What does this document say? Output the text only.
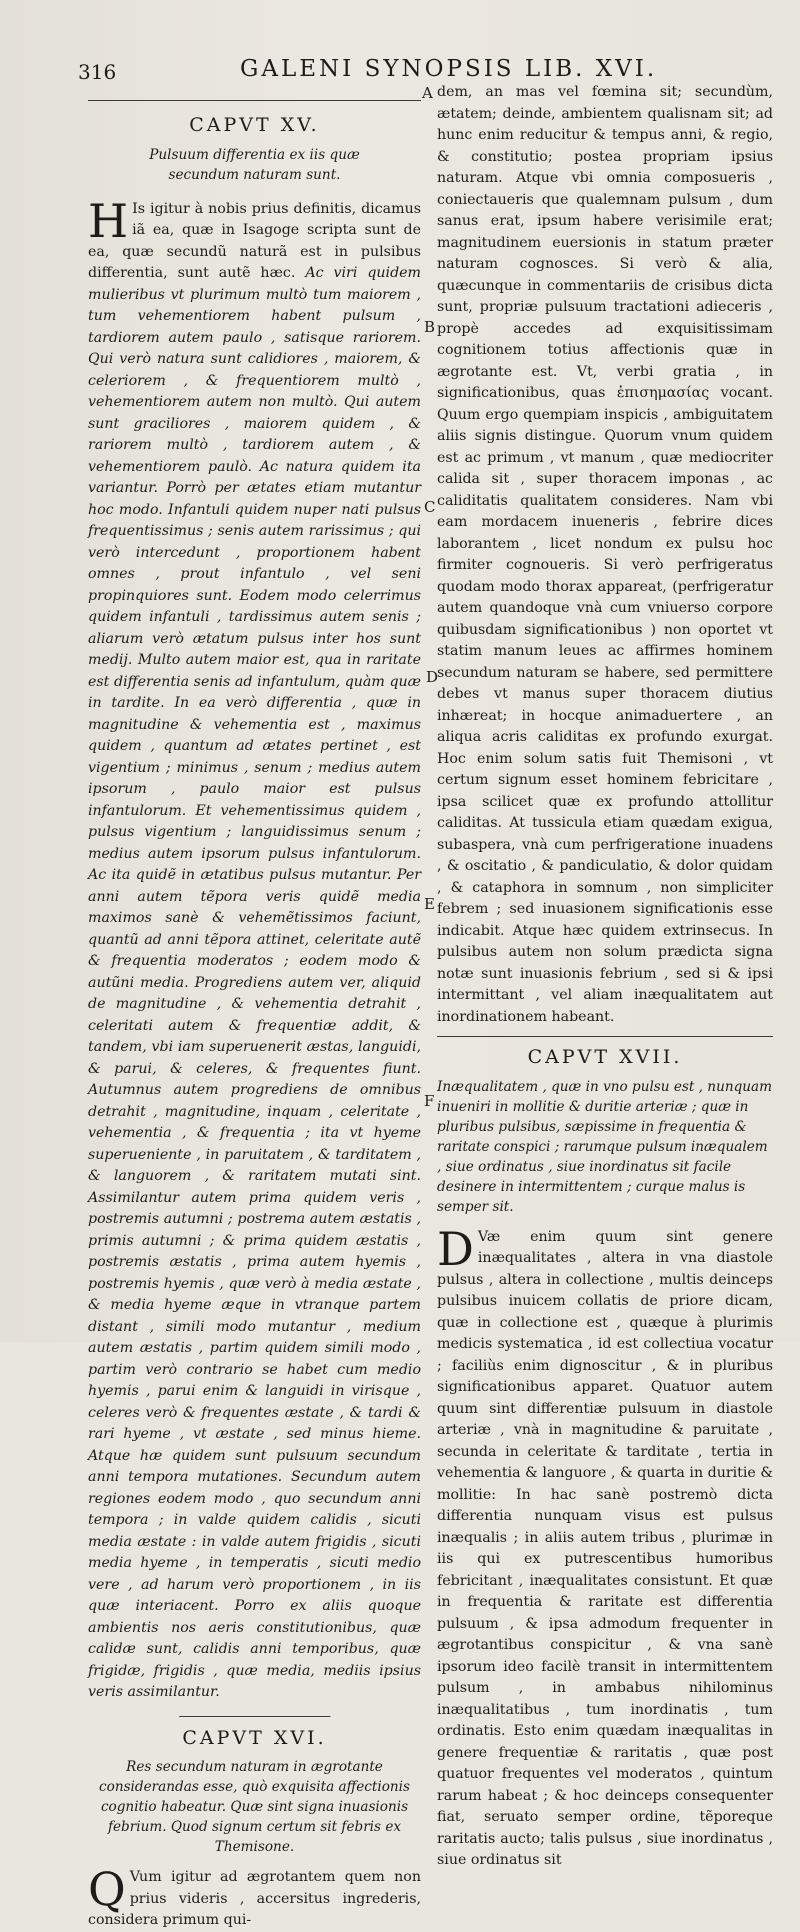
316	GALENI SYNOPSIS LIB. XVI.
A
B
C
D
E
F
CAPVT XV.
Pulsuum differentia ex iis quæ secundum naturam sunt.

H Is igitur à nobis prius definitis, dicamus iã ea, quæ in Isagoge scripta sunt de ea, quæ secundũ naturã est in pulsibus differentia, sunt autẽ hæc. Ac viri quidem mulieribus vt plurimum multò tum maiorem , tum vehementiorem habent pulsum , tardiorem autem paulo , satisque rariorem. Qui verò natura sunt calidiores , maiorem, & celeriorem , & frequentiorem multò , vehementiorem autem non multò. Qui autem sunt graciliores , maiorem quidem , & rariorem multò , tardiorem autem , & vehementiorem paulò. Ac natura quidem ita variantur. Porrò per ætates etiam mutantur hoc modo. Infantuli quidem nuper nati pulsus frequentissimus ; senis autem rarissimus ; qui verò intercedunt , proportionem habent omnes , prout infantulo , vel seni propinquiores sunt. Eodem modo celerrimus quidem infantuli , tardissimus autem senis ; aliarum verò ætatum pulsus inter hos sunt medij. Multo autem maior est, qua in raritate est differentia senis ad infantulum, quàm quæ in tardite. In ea verò differentia , quæ in magnitudine & vehementia est , maximus quidem , quantum ad ætates pertinet , est vigentium ; minimus , senum ; medius autem ipsorum , paulo maior est pulsus infantulorum. Et vehementissimus quidem , pulsus vigentium ; languidissimus senum ; medius autem ipsorum pulsus infantulorum. Ac ita quidẽ in ætatibus pulsus mutantur. Per anni autem tẽpora veris quidẽ media maximos sanè & vehemẽtissimos faciunt, quantũ ad anni tẽpora attinet, celeritate autẽ & frequentia moderatos ; eodem modo & autũni media. Progrediens autem ver, aliquid de magnitudine , & vehementia detrahit , celeritati autem & frequentiæ addit, & tandem, vbi iam superuenerit æstas, languidi, & parui, & celeres, & frequentes fiunt. Autumnus autem progrediens de omnibus detrahit , magnitudine, inquam , celeritate , vehementia , & frequentia ; ita vt hyeme superueniente , in paruitatem , & tarditatem , & languorem , & raritatem mutati sint. Assimilantur autem prima quidem veris , postremis autumni ; postrema autem æstatis , primis autumni ; & prima quidem æstatis , postremis æstatis , prima autem hyemis , postremis hyemis , quæ verò à media æstate , & media hyeme æque in vtranque partem distant , simili modo mutantur , medium autem æstatis , partim quidem simili modo , partim verò contrario se habet cum medio hyemis , parui enim & languidi in virisque , celeres verò & frequentes æstate , & tardi & rari hyeme , vt æstate , sed minus hieme. Atque hæ quidem sunt pulsuum secundum anni tempora mutationes. Secundum autem regiones eodem modo , quo secundum anni tempora ; in valde quidem calidis , sicuti media æstate : in valde autem frigidis , sicuti media hyeme , in temperatis , sicuti medio vere , ad harum verò proportionem , in iis quæ interiacent. Porro ex aliis quoque ambientis nos aeris constitutionibus, quæ calidæ sunt, calidis anni temporibus, quæ frigidæ, frigidis , quæ media, mediis ipsius veris assimilantur.

CAPVT XVI.
Res secundum naturam in ægrotante considerandas esse, quò exquisita affectionis cognitio habeatur. Quæ sint signa inuasionis febrium. Quod signum certum sit febris ex Themisone.

Q Vum igitur ad ægrotantem quem non prius videris , accersitus ingrederis, considera primum qui-

dem, an mas vel fœmina sit; secundùm, ætatem; deinde, ambientem qualisnam sit; ad hunc enim reducitur & tempus anni, & regio, & constitutio; postea propriam ipsius naturam. Atque vbi omnia composueris , coniectaueris que qualemnam pulsum , dum sanus erat, ipsum habere verisimile erat; magnitudinem euersionis in statum præter naturam cognosces. Si verò & alia, quæcunque in commentariis de crisibus dicta sunt, propriæ pulsuum tractationi adieceris , propè accedes ad exquisitissimam cognitionem totius affectionis quæ in ægrotante est. Vt, verbi gratia , in significationibus, quas ἐπισημασίας vocant. Quum ergo quempiam inspicis , ambiguitatem aliis signis distingue. Quorum vnum quidem est ac primum , vt manum , quæ mediocriter calida sit , super thoracem imponas , ac caliditatis qualitatem consideres. Nam vbi eam mordacem inueneris , febrire dices laborantem , licet nondum ex pulsu hoc firmiter cognoueris. Si verò perfrigeratus quodam modo thorax appareat, (perfrigeratur autem quandoque vnà cum vniuerso corpore quibusdam significationibus ) non oportet vt statim manum leues ac affirmes hominem secundum naturam se habere, sed permittere debes vt manus super thoracem diutius inhæreat; in hocque animaduertere , an aliqua acris caliditas ex profundo exurgat. Hoc enim solum satis fuit Themisoni , vt certum signum esset hominem febricitare , ipsa scilicet quæ ex profundo attollitur caliditas. At tussicula etiam quædam exigua, subaspera, vnà cum perfrigeratione inuadens , & oscitatio , & pandiculatio, & dolor quidam , & cataphora in somnum , non simpliciter febrem ; sed inuasionem significationis esse indicabit. Atque hæc quidem extrinsecus. In pulsibus autem non solum prædicta signa notæ sunt inuasionis febrium , sed si & ipsi intermittant , vel aliam inæqualitatem aut inordinationem habeant.

CAPVT XVII.
Inæqualitatem , quæ in vno pulsu est , nunquam inueniri in mollitie & duritie arteriæ ; quæ in pluribus pulsibus, sæpissime in frequentia & raritate conspici ; rarumque pulsum inæqualem , siue ordinatus , siue inordinatus sit facile desinere in intermittentem ; curque malus is semper sit.

D Væ enim quum sint genere inæqualitates , altera in vna diastole pulsus , altera in collectione , multis deinceps pulsibus inuicem collatis de priore dicam, quæ in collectione est , quæque à plurimis medicis systematica , id est collectiua vocatur ; faciliùs enim dignoscitur , & in pluribus significationibus apparet. Quatuor autem quum sint differentiæ pulsuum in diastole arteriæ , vnà in magnitudine & paruitate , secunda in celeritate & tarditate , tertia in vehementia & languore , & quarta in duritie & mollitie: In hac sanè postremò dicta differentia nunquam visus est pulsus inæqualis ; in aliis autem tribus , plurimæ in iis qui ex putrescentibus humoribus febricitant , inæqualitates consistunt. Et quæ in frequentia & raritate est differentia pulsuum , & ipsa admodum frequenter in ægrotantibus conspicitur , & vna sanè ipsorum ideo facilè transit in intermittentem pulsum , in ambabus nihilominus inæqualitatibus , tum inordinatis , tum ordinatis. Esto enim quædam inæqualitas in genere frequentiæ & raritatis , quæ post quatuor frequentes vel moderatos , quintum rarum habeat ; & hoc deinceps consequenter fiat, seruato semper ordine, tẽporeque raritatis aucto; talis pulsus , siue inordinatus , siue ordinatus sit
